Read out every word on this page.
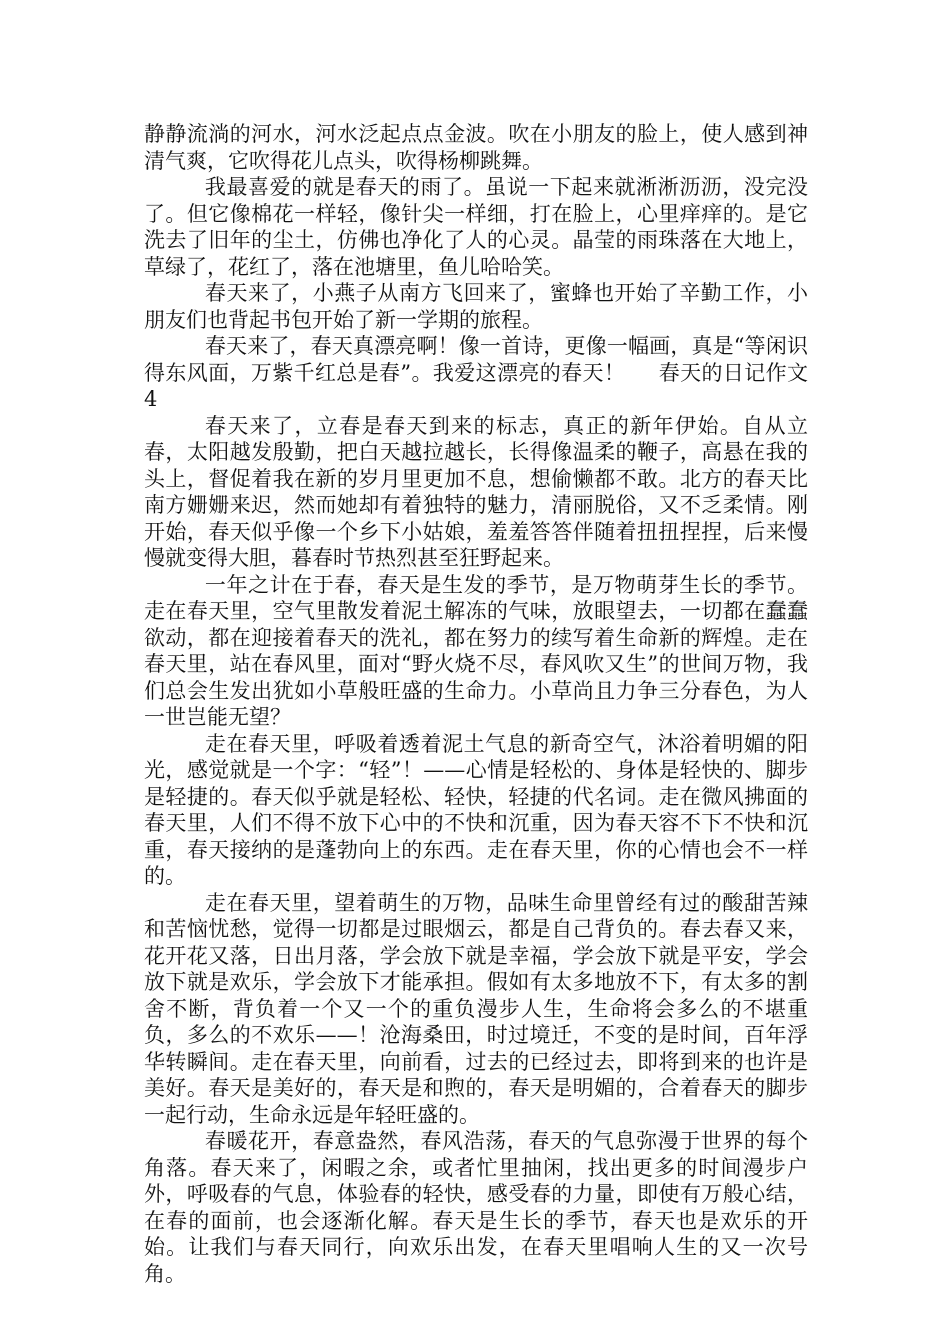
静静流淌的河水，河水泛起点点金波。吹在小朋友的脸上，使人感到神清气爽，它吹得花儿点头，吹得杨柳跳舞。

我最喜爱的就是春天的雨了。虽说一下起来就淅淅沥沥，没完没了。但它像棉花一样轻，像针尖一样细，打在脸上，心里痒痒的。是它洗去了旧年的尘土，仿佛也净化了人的心灵。晶莹的雨珠落在大地上，草绿了，花红了，落在池塘里，鱼儿哈哈笑。

春天来了，小燕子从南方飞回来了，蜜蜂也开始了辛勤工作，小朋友们也背起书包开始了新一学期的旅程。

春天来了，春天真漂亮啊！像一首诗，更像一幅画，真是“等闲识得东风面，万紫千红总是春”。我爱这漂亮的春天！ 春天的日记作文4

春天来了，立春是春天到来的标志，真正的新年伊始。自从立春，太阳越发殷勤，把白天越拉越长，长得像温柔的鞭子，高悬在我的头上，督促着我在新的岁月里更加不息，想偷懒都不敢。北方的春天比南方姗姗来迟，然而她却有着独特的魅力，清丽脱俗，又不乏柔情。刚开始，春天似乎像一个乡下小姑娘，羞羞答答伴随着扭扭捏捏，后来慢慢就变得大胆，暮春时节热烈甚至狂野起来。

一年之计在于春，春天是生发的季节，是万物萌芽生长的季节。走在春天里，空气里散发着泥土解冻的气味，放眼望去，一切都在蠢蠢欲动，都在迎接着春天的洗礼，都在努力的续写着生命新的辉煌。走在春天里，站在春风里，面对“野火烧不尽，春风吹又生”的世间万物，我们总会生发出犹如小草般旺盛的生命力。小草尚且力争三分春色，为人一世岂能无望？

走在春天里，呼吸着透着泥土气息的新奇空气，沐浴着明媚的阳光，感觉就是一个字：“轻”！——心情是轻松的、身体是轻快的、脚步是轻捷的。春天似乎就是轻松、轻快，轻捷的代名词。走在微风拂面的春天里，人们不得不放下心中的不快和沉重，因为春天容不下不快和沉重，春天接纳的是蓬勃向上的东西。走在春天里，你的心情也会不一样的。

走在春天里，望着萌生的万物，品味生命里曾经有过的酸甜苦辣和苦恼忧愁，觉得一切都是过眼烟云，都是自己背负的。春去春又来，花开花又落，日出月落，学会放下就是幸福，学会放下就是平安，学会放下就是欢乐，学会放下才能承担。假如有太多地放不下，有太多的割舍不断，背负着一个又一个的重负漫步人生，生命将会多么的不堪重负，多么的不欢乐——！沧海桑田，时过境迁，不变的是时间，百年浮华转瞬间。走在春天里，向前看，过去的已经过去，即将到来的也许是美好。春天是美好的，春天是和煦的，春天是明媚的，合着春天的脚步一起行动，生命永远是年轻旺盛的。

春暖花开，春意盎然，春风浩荡，春天的气息弥漫于世界的每个角落。春天来了，闲暇之余，或者忙里抽闲，找出更多的时间漫步户外，呼吸春的气息，体验春的轻快，感受春的力量，即使有万般心结，在春的面前，也会逐渐化解。春天是生长的季节，春天也是欢乐的开始。让我们与春天同行，向欢乐出发，在春天里唱响人生的又一次号角。
